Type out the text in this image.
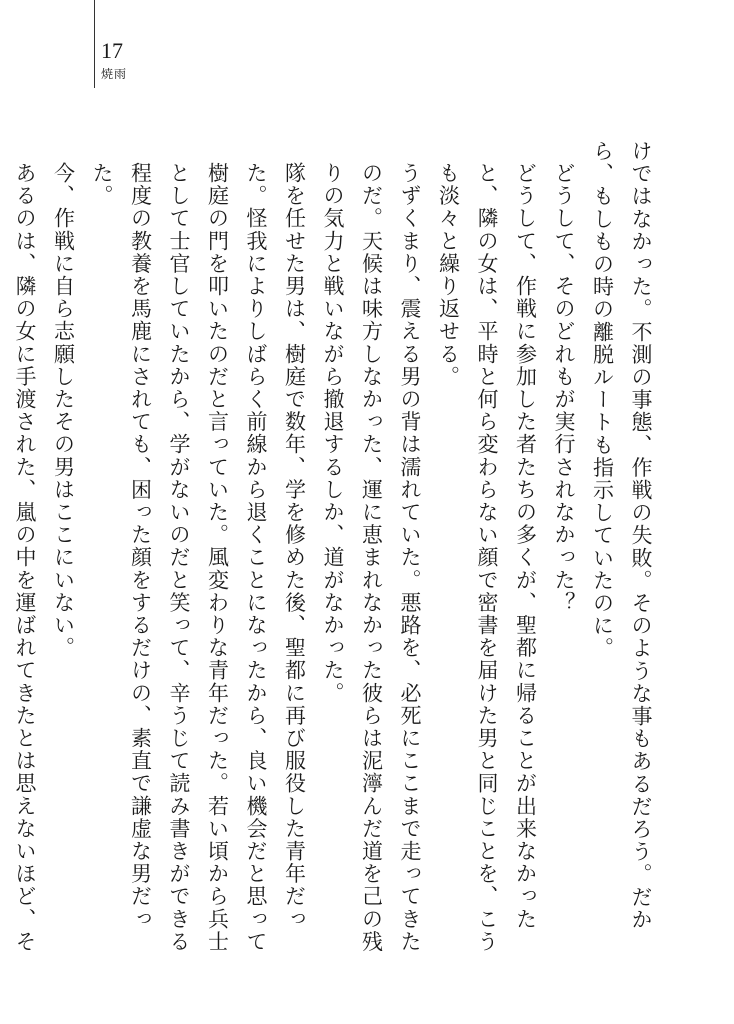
17
焼雨

けではなかった。不測の事態、作戦の失敗。そのような事もあるだろう。だから、もしもの時の離脱ルートも指示していたのに。

どうして、そのどれもが実行されなかった？

どうして、作戦に参加した者たちの多くが、聖都に帰ることが出来なかったと、隣の女は、平時と何ら変わらない顔で密書を届けた男と同じことを、こうも淡々と繰り返せる。

うずくまり、震える男の背は濡れていた。悪路を、必死にここまで走ってきたのだ。天候は味方しなかった、運に恵まれなかった彼らは泥濘んだ道を己の残りの気力と戦いながら撤退するしか、道がなかった。

隊を任せた男は、樹庭で数年、学を修めた後、聖都に再び服役した青年だった。怪我によりしばらく前線から退くことになったから、良い機会だと思って樹庭の門を叩いたのだと言っていた。風変わりな青年だった。若い頃から兵士として士官していたから、学がないのだと笑って、辛うじて読み書きができる程度の教養を馬鹿にされても、困った顔をするだけの、素直で謙虚な男だった。

今、作戦に自ら志願したその男はここにいない。

あるのは、隣の女に手渡された、嵐の中を運ばれてきたとは思えないほど、そ
